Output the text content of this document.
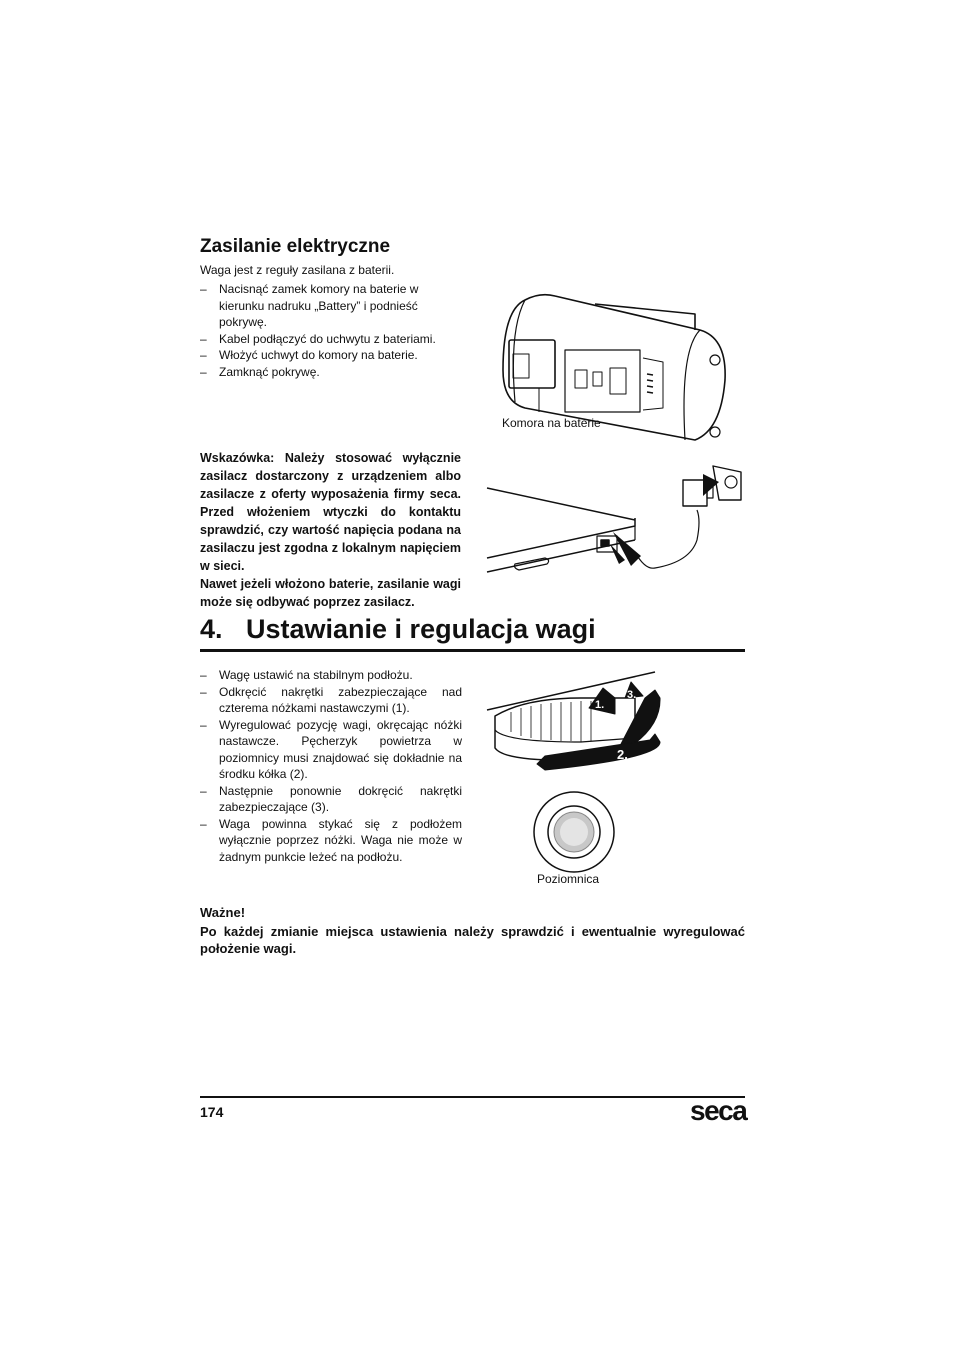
Zasilanie elektryczne

Waga jest z reguły zasilana z baterii.

– Nacisnąć zamek komory na baterie w kierunku nadruku „Battery” i podnieść pokrywę.
– Kabel podłączyć do uchwytu z bateriami.
– Włożyć uchwyt do komory na baterie.
– Zamknąć pokrywę.
Komora na baterie

Wskazówka: Należy stosować wyłącznie zasilacz dostarczony z urządzeniem albo zasilacze z oferty wyposażenia firmy seca. Przed włożeniem wtyczki do kontaktu sprawdzić, czy wartość napięcia podana na zasilaczu jest zgodna z lokalnym napięciem w sieci.

Nawet jeżeli włożono baterie, zasilanie wagi może się odbywać poprzez zasilacz.

4. Ustawianie i regulacja wagi
– Wagę ustawić na stabilnym podłożu.
– Odkręcić nakrętki zabezpieczające nad czterema nóżkami nastawczymi (1).
– Wyregulować pozycję wagi, okręcając nóżki nastawcze. Pęcherzyk powietrza w poziomnicy musi znajdować się dokładnie na środku kółka (2).
– Następnie ponownie dokręcić nakrętki zabezpieczające (3).
– Waga powinna stykać się z podłożem wyłącznie poprzez nóżki. Waga nie może w żadnym punkcie leżeć na podłożu.
1.
3.
2.
Poziomnica

Ważne!

Po każdej zmianie miejsca ustawienia należy sprawdzić i ewentualnie wyregulować położenie wagi.

174	seca
